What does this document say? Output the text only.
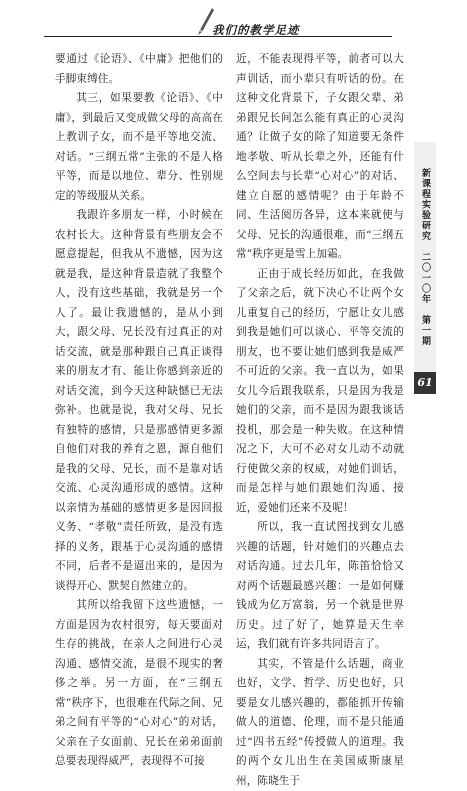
我们的教学足迹

要通过《论语》、《中庸》把他们的手脚束缚住。

其三，如果要教《论语》、《中庸》，到最后又变成做父母的高高在上教训子女，而不是平等地交流、对话。“三纲五常”主张的不是人格平等，而是以地位、辈分、性别规定的等级服从关系。

我跟许多朋友一样，小时候在农村长大。这种背景有些朋友会不愿意提起，但我从不遗憾，因为这就是我，是这种背景造就了我整个人，没有这些基础，我就是另一个人了。最让我遗憾的，是从小到大，跟父母、兄长没有过真正的对话交流，就是那种跟自己真正谈得来的朋友才有、能让你感到亲近的对话交流，到今天这种缺憾已无法弥补。也就是说，我对父母、兄长有独特的感情，只是那感情更多源自他们对我的养育之恩，源自他们是我的父母、兄长，而不是靠对话交流、心灵沟通形成的感情。这种以亲情为基础的感情更多是因回报义务、“孝敬”责任所致，是没有选择的义务，跟基于心灵沟通的感情不同，后者不是逼出来的，是因为谈得开心、默契自然建立的。

其所以给我留下这些遗憾，一方面是因为农村很穷，每天要面对生存的挑战，在亲人之间进行心灵沟通、感情交流，是很不现实的奢侈之举。另一方面，在“三纲五常”秩序下，也很难在代际之间、兄弟之间有平等的“心对心”的对话，父亲在子女面前、兄长在弟弟面前总要表现得威严，表现得不可接

近，不能表现得平等，前者可以大声训话，而小辈只有听话的份。在这种文化背景下，子女跟父辈、弟弟跟兄长间怎么能有真正的心灵沟通？让做子女的除了知道要无条件地孝敬、听从长辈之外，还能有什么空间去与长辈“心对心”的对话、建立自愿的感情呢？由于年龄不同、生活阅历各异，这本来就使与父母、兄长的沟通很难，而“三纲五常”秩序更是雪上加霜。

正由于成长经历如此，在我做了父亲之后，就下决心不让两个女儿重复自己的经历，宁愿让女儿感到我是她们可以谈心、平等交流的朋友，也不要让她们感到我是威严不可近的父亲。我一直以为，如果女儿今后跟我联系，只是因为我是她们的父亲，而不是因为跟我谈话投机，那会是一种失败。在这种情况之下，大可不必对女儿动不动就行使做父亲的权威，对她们训话，而是怎样与她们跟她们沟通、接近，爱她们还来不及呢！

所以，我一直试图找到女儿感兴趣的话题，针对她们的兴趣点去对话沟通。过去几年，陈笛恰恰又对两个话题最感兴趣：一是如何赚钱成为亿万富翁，另一个就是世界历史。过了好了，她算是天生幸运，我们就有许多共同语言了。

其实，不管是什么话题，商业也好，文学、哲学、历史也好，只要是女儿感兴趣的，都能抓开传输做人的道德、伦理，而不是只能通过“四书五经”传授做人的道理。我的两个女儿出生在美国威斯康星州，陈晓生于

新课程实验研究　二〇一〇年　第一期
61
